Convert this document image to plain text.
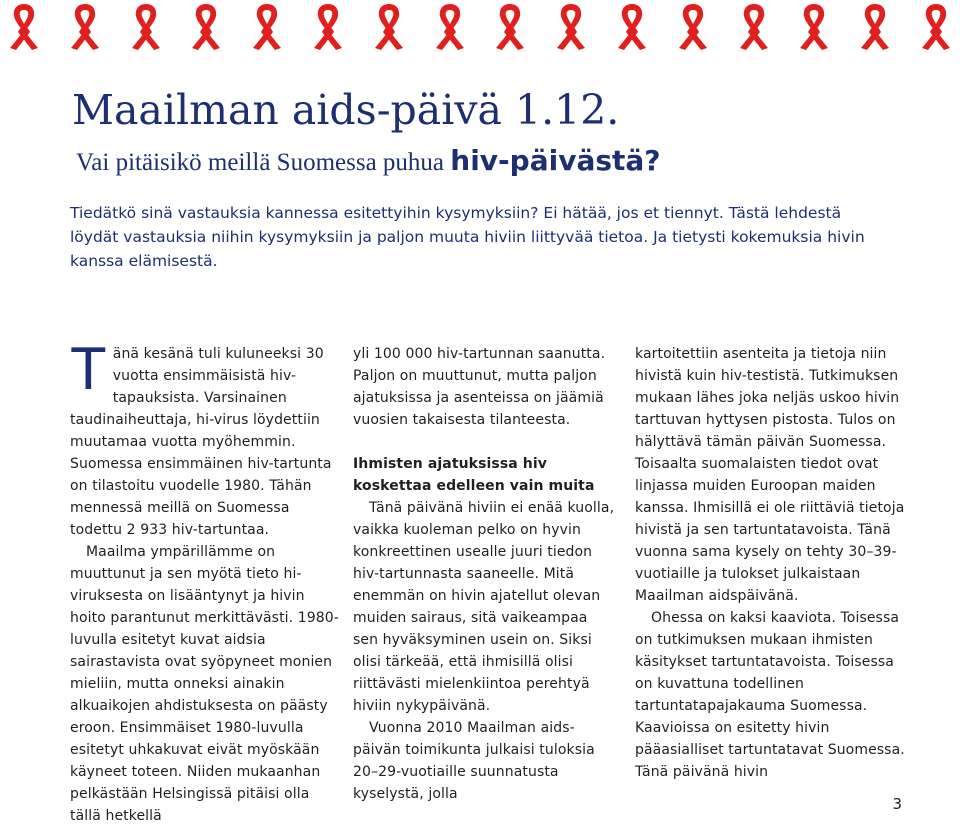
Maailman aids-päivä 1.12.
Vai pitäisikö meillä Suomessa puhua hiv-päivästä?

Tiedätkö sinä vastauksia kannessa esitettyihin kysymyksiin? Ei hätää, jos et tiennyt. Tästä lehdestä löydät vastauksia niihin kysymyksiin ja paljon muuta hiviin liittyvää tietoa. Ja tietysti kokemuksia hivin kanssa elämisestä.

Tänä kesänä tuli kuluneeksi 30 vuotta ensimmäisistä hiv-tapauksista. Varsinainen taudinaiheuttaja, hi-virus löydettiin muutamaa vuotta myöhemmin. Suomessa ensimmäinen hiv-tartunta on tilastoitu vuodelle 1980. Tähän mennessä meillä on Suomessa todettu 2 933 hiv-tartuntaa.

Maailma ympärillämme on muuttunut ja sen myötä tieto hi-viruksesta on lisääntynyt ja hivin hoito parantunut merkittävästi. 1980-luvulla esitetyt kuvat aidsia sairastavista ovat syöpyneet monien mieliin, mutta onneksi ainakin alkuaikojen ahdistuksesta on päästy eroon. Ensimmäiset 1980-luvulla esitetyt uhkakuvat eivät myöskään käyneet toteen. Niiden mukaanhan pelkästään Helsingissä pitäisi olla tällä hetkellä

yli 100 000 hiv-tartunnan saanutta. Paljon on muuttunut, mutta paljon ajatuksissa ja asenteissa on jäämiä vuosien takaisesta tilanteesta.

Ihmisten ajatuksissa hiv koskettaa edelleen vain muita

Tänä päivänä hiviin ei enää kuolla, vaikka kuoleman pelko on hyvin konkreettinen usealle juuri tiedon hiv-tartunnasta saaneelle. Mitä enemmän on hivin ajatellut olevan muiden sairaus, sitä vaikeampaa sen hyväksyminen usein on. Siksi olisi tärkeää, että ihmisillä olisi riittävästi mielenkiintoa perehtyä hiviin nykypäivänä.

Vuonna 2010 Maailman aids-päivän toimikunta julkaisi tuloksia 20–29-vuotiaille suunnatusta kyselystä, jolla

kartoitettiin asenteita ja tietoja niin hivistä kuin hiv-testistä. Tutkimuksen mukaan lähes joka neljäs uskoo hivin tarttuvan hyttysen pistosta. Tulos on hälyttävä tämän päivän Suomessa. Toisaalta suomalaisten tiedot ovat linjassa muiden Euroopan maiden kanssa. Ihmisillä ei ole riittäviä tietoja hivistä ja sen tartuntatavoista. Tänä vuonna sama kysely on tehty 30–39-vuotiaille ja tulokset julkaistaan Maailman aidspäivänä.

Ohessa on kaksi kaaviota. Toisessa on tutkimuksen mukaan ihmisten käsitykset tartuntatavoista. Toisessa on kuvattuna todellinen tartuntatapajakauma Suomessa. Kaavioissa on esitetty hivin pääasialliset tartuntatavat Suomessa. Tänä päivänä hivin

3
